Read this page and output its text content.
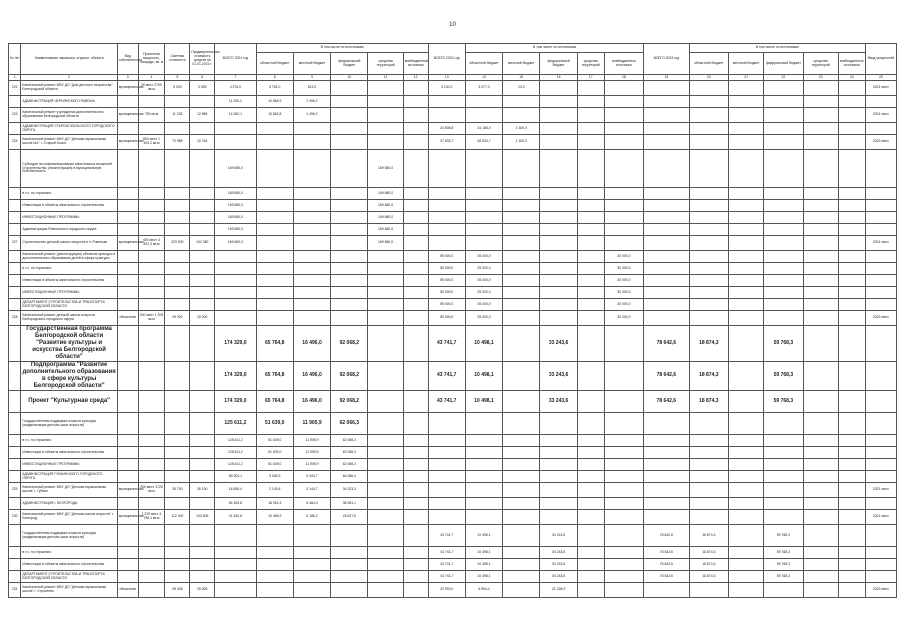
10
№ п/п	Наименование заказчика, отрасли, объекта	Вид собственности	Проектная мощность, площадь, кв. м	Сметная стоимость	Предварительная стоимость средств на 01.01.2021 г.	ВСЕГО 2021 год	В том числе по источникам					ВСЕГО 2022 год	В том числе по источникам					ВСЕГО 2023 год	В том числе по источникам					Ввод мощностей
							областной бюджет	местный бюджет	федеральный бюджет	средства территорий	внебюджетные источники		областной бюджет	местный бюджет	федеральный бюджет	средства территорий	внебюджетные источники		областной бюджет	местный бюджет	федеральный бюджет	средства территорий	внебюджетные источники	
1	2	3	4	5	6	7	8	9	10	11	12	13	14	15	16	17	18	19	20	21	22	23	24	25
222	Капитальный ремонт МБУ ДО "Дом детского творчества" Белгородской области	муниципальная	30 мест 2700 кв.м	9 000	3 085	4 276,0	3 762,0	513,0				3 100,0	3 077,0	23,0										2021 мест
	АДМИНИСТРАЦИЯ ЧЕРНЯНСКОГО РАЙОНА					11 205,1	10 865,9	1 496,2																
223	Капитальный ремонт учреждения дополнительного образования Белгородской области	муниципальная	750 кв.м	11 225	12 865	14 062,1	15 862,8	1 496,2																2021 мест
	АДМИНИСТРАЦИЯ СТАРООСКОЛЬСКОГО ГОРОДСКОГО ОКРУГА											24 808,8	24 188,4	1 300,0										
224	Капитальный ремонт МБУ ДО "Детская музыкальная школа №1" г. Старый Оскол	муниципальная	850 мест 1 400,2 кв.м	70 988	10 764							27 833,7	26 533,7	1 300,0										2022 мест
	Субсидии на софинансирование капитальных вложений (строительство, реконструкция) в муниципальную собственность					169 680,0				169 680,0														
	в т.ч. по отраслям:					169 680,0				169 680,0														
	Инвестиции в объекты капитального строительства					169 680,0				169 680,0														
	ИНВЕСТИЦИОННЫЕ ПРОГРАММЫ					169 680,0				169 680,0														
	Администрация Ровеньского городского округа					169 680,0				169 680,0														
227	Строительство детской школы искусств в п. Ровеньки	муниципальная	400 мест 3 822,3 кв.м	320 000	142 280	169 680,0				169 680,0														2021 мест
	Капитальный ремонт (реконструкция) объектов культуры и дополнительного образования детей в сфере культуры											55 000,0	25 000,0				30 000,0							
	в т.ч. по отраслям:											55 000,0	25 000,0				30 000,0							
	Инвестиции в объекты капитального строительства											55 000,0	25 000,0				30 000,0							
	ИНВЕСТИЦИОННЫЕ ПРОГРАММЫ											55 000,0	25 000,0				30 000,0							
	ДЕПАРТАМЕНТ СТРОИТЕЛЬСТВА И ТРАНСПОРТА БЕЛГОРОДСКОЙ ОБЛАСТИ											55 000,0	25 000,0				30 000,0							
228	Капитальный ремонт детской школы искусств Белгородского городского округа	областная	200 мест 1 200 кв.м	25 000	15 000							55 000,0	25 000,0				30 000,0							2022 мест
	Государственная программа Белгородской области "Развитие культуры и искусства Белгородской области"					174 329,0	65 764,8	16 496,0	92 068,2			43 741,7	10 498,1		33 243,6			78 642,6	18 874,3		59 768,3			
	Подпрограмма "Развитие дополнительного образования в сфере культуры Белгородской области"					174 329,0	65 764,8	16 496,0	92 068,2			43 741,7	10 498,1		33 243,6			78 642,6	18 874,3		59 768,3			
	Проект "Культурная среда"					174 329,0	65 764,8	16 496,0	92 068,2			43 741,7	10 498,1		33 243,6			78 642,6	18 874,3		59 768,3			
	Государственная поддержка отрасли культуры (модернизация детских школ искусств)					125 611,2	51 639,0	11 905,9	62 066,3															
	в т.ч. по отраслям:					125 611,2	51 639,0	11 905,9	62 066,3															
	Инвестиции в объекты капитального строительства					125 611,2	51 639,0	11 905,9	62 066,3															
	ИНВЕСТИЦИОННЫЕ ПРОГРАММЫ					125 611,2	51 639,0	11 905,9	62 066,3															
	АДМИНИСТРАЦИЯ ГУБКИНСКОГО ГОРОДСКОГО ОКРУГА					65 004,1	9 048,3	5 344,7	64 066,4															
229	Капитальный ремонт МБУ ДО "Детская музыкальная школа" г. Губкин	муниципальная	200 мест 1725 кв.м	35 700	26 100	16 856,4	2 149,8	3 144,7	34 323,3															2021 мест
	АДМИНИСТРАЦИЯ г. БЕЛГОРОДА					54 405,8	18 924,3	6 464,4	38 961,1															
230	Капитальный ремонт МБУ ДО "Детская школа искусств" г. Белгород	муниципальная	1 225 мест 4 755,1 кв.м	112 400	143 605	41 640,8	10 466,9	6 186,2	25 627,6															2021 мест
	Государственная поддержка отрасли культуры (модернизация детских школ искусств)											43 741,7	10 498,1		33 243,6			78 642,6	18 874,3		59 768,3			
	в т.ч. по отраслям:											43 741,7	10 498,1		33 243,6			78 642,6	18 874,3		59 768,3			
	Инвестиции в объекты капитального строительства											43 741,7	10 498,1		33 243,6			78 642,6	18 874,3		59 768,3			
	ДЕПАРТАМЕНТ СТРОИТЕЛЬСТВА И ТРАНСПОРТА БЕЛГОРОДСКОЙ ОБЛАСТИ											43 741,7	10 498,1		33 243,6			78 642,6	18 874,3		59 768,3			
231	Капитальный ремонт МБУ ДО "Детская музыкальная школа" г. Строитель	областная		28 008	25 005							29 992,0	6 594,4		21 228,0									2022 мест
